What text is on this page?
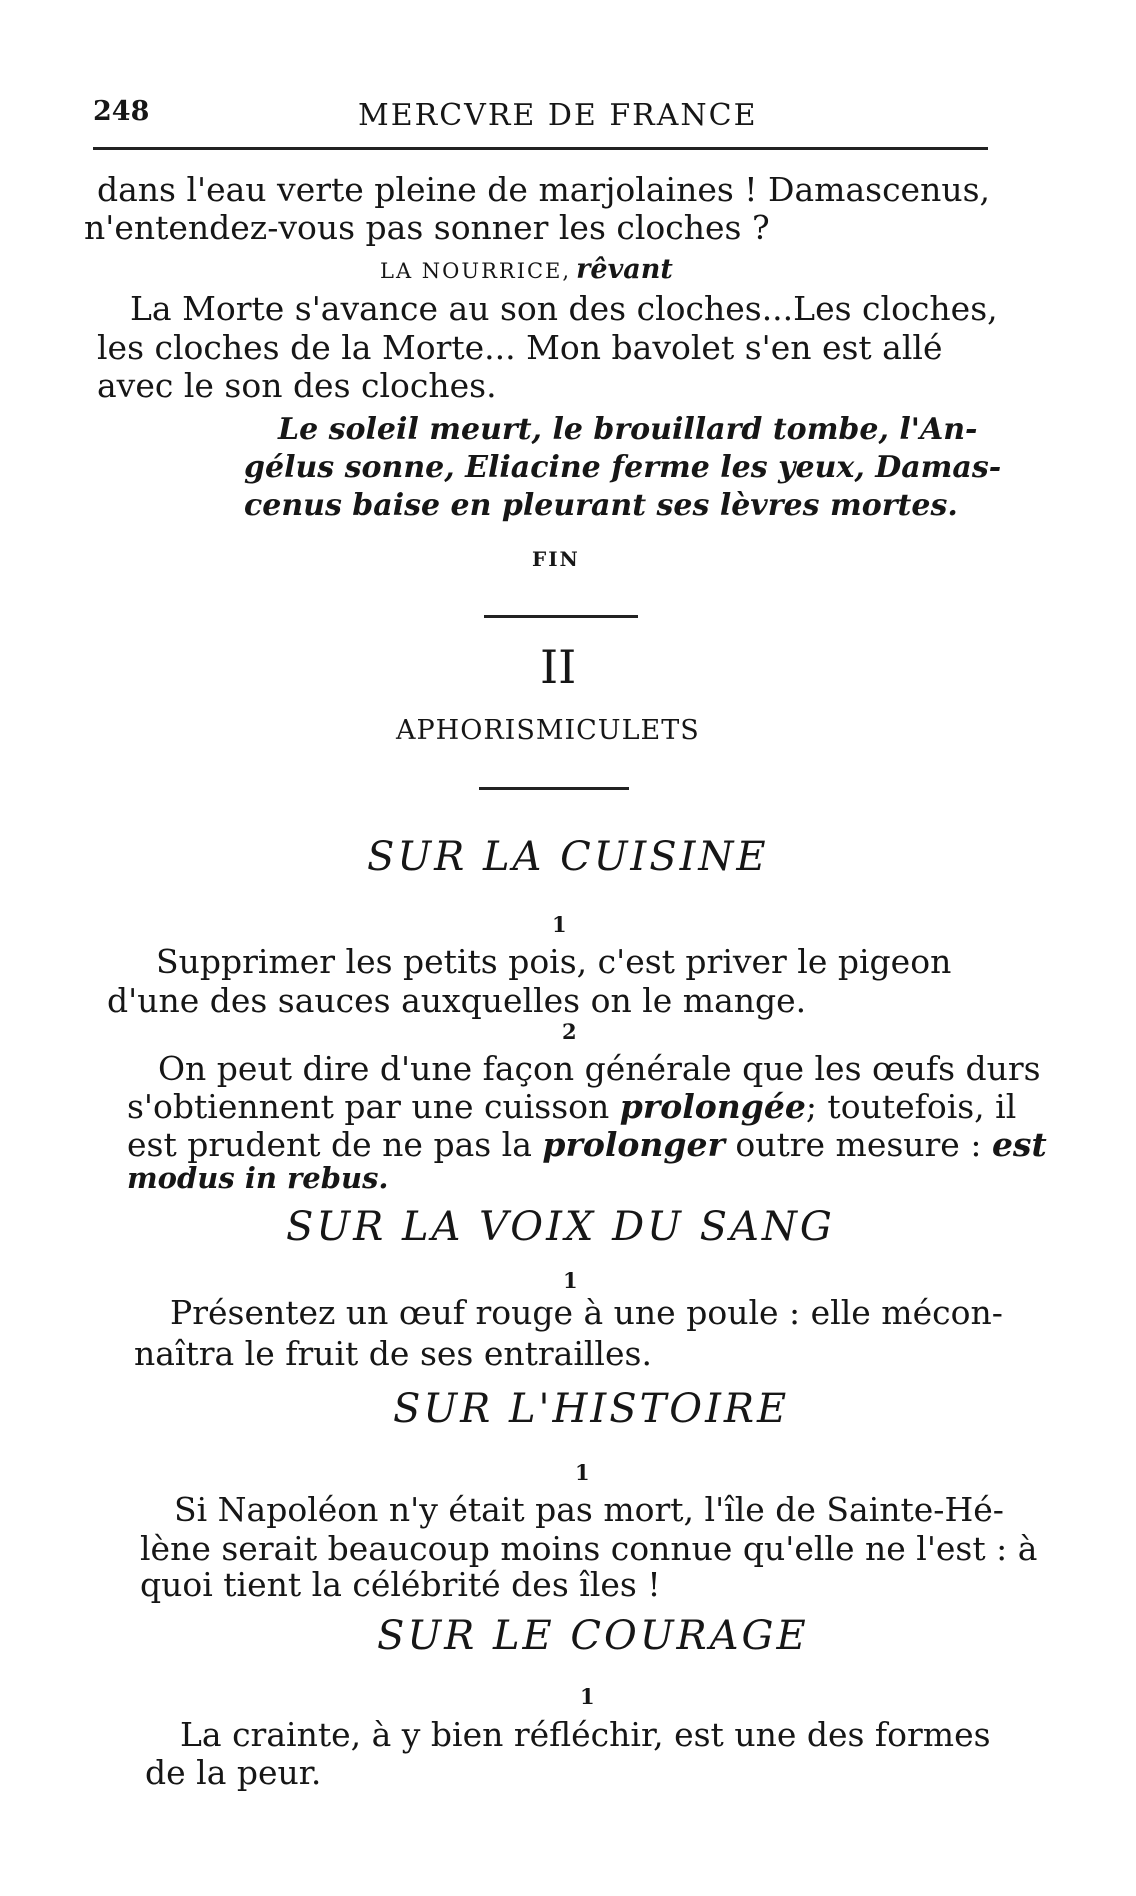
248	MERCVRE DE FRANCE
dans l'eau verte pleine de marjolaines ! Damascenus,
n'entendez-vous pas sonner les cloches ?
LA NOURRICE, rêvant
La Morte s'avance au son des cloches...Les cloches,
les cloches de la Morte... Mon bavolet s'en est allé
avec le son des cloches.
Le soleil meurt, le brouillard tombe, l'An-
gélus sonne, Eliacine ferme les yeux, Damas-
cenus baise en pleurant ses lèvres mortes.
FIN
II
APHORISMICULETS
SUR LA CUISINE
1
Supprimer les petits pois, c'est priver le pigeon
d'une des sauces auxquelles on le mange.
2
On peut dire d'une façon générale que les œufs durs
s'obtiennent par une cuisson prolongée; toutefois, il
est prudent de ne pas la prolonger outre mesure : est
modus in rebus.
SUR LA VOIX DU SANG
1
Présentez un œuf rouge à une poule : elle mécon-
naîtra le fruit de ses entrailles.
SUR L'HISTOIRE
1
Si Napoléon n'y était pas mort, l'île de Sainte-Hé-
lène serait beaucoup moins connue qu'elle ne l'est : à
quoi tient la célébrité des îles !
SUR LE COURAGE
1
La crainte, à y bien réfléchir, est une des formes
de la peur.
